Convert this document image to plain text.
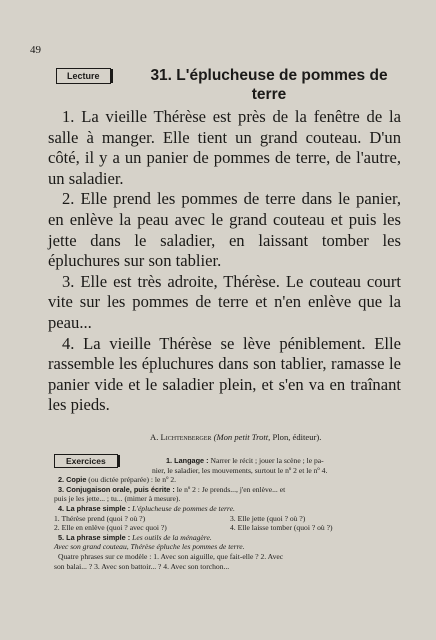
49
Lecture	31. L'éplucheuse de pommes de terre

1. La vieille Thérèse est près de la fenêtre de la salle à manger. Elle tient un grand couteau. D'un côté, il y a un panier de pommes de terre, de l'autre, un saladier.

2. Elle prend les pommes de terre dans le panier, en enlève la peau avec le grand couteau et puis les jette dans le saladier, en laissant tomber les épluchures sur son tablier.

3. Elle est très adroite, Thérèse. Le couteau court vite sur les pommes de terre et n'en enlève que la peau...

4. La vieille Thérèse se lève péniblement. Elle rassemble les épluchures dans son tablier, ramasse le panier vide et le saladier plein, et s'en va en traînant les pieds.

A. Lichtenberger (Mon petit Trott, Plon, éditeur).
Exercices	1. Langage : Narrer le récit ; jouer la scène ; le pa-
nier, le saladier, les mouvements, surtout le nº 2 et le nº 4.
2. Copie (ou dictée préparée) : le nº 2.
3. Conjugaison orale, puis écrite : le nº 2 : Je prends..., j'en enlève... et
puis je les jette... ; tu... (mimer à mesure).
4. La phrase simple : L'éplucheuse de pommes de terre.
1. Thérèse prend (quoi ? où ?)	3. Elle jette (quoi ? où ?)
2. Elle en enlève (quoi ? avec quoi ?)	4. Elle laisse tomber (quoi ? où ?)
5. La phrase simple : Les outils de la ménagère.
Avec son grand couteau, Thérèse épluche les pommes de terre.
Quatre phrases sur ce modèle : 1. Avec son aiguille, que fait-elle ? 2. Avec
son balai... ? 3. Avec son battoir... ? 4. Avec son torchon...
